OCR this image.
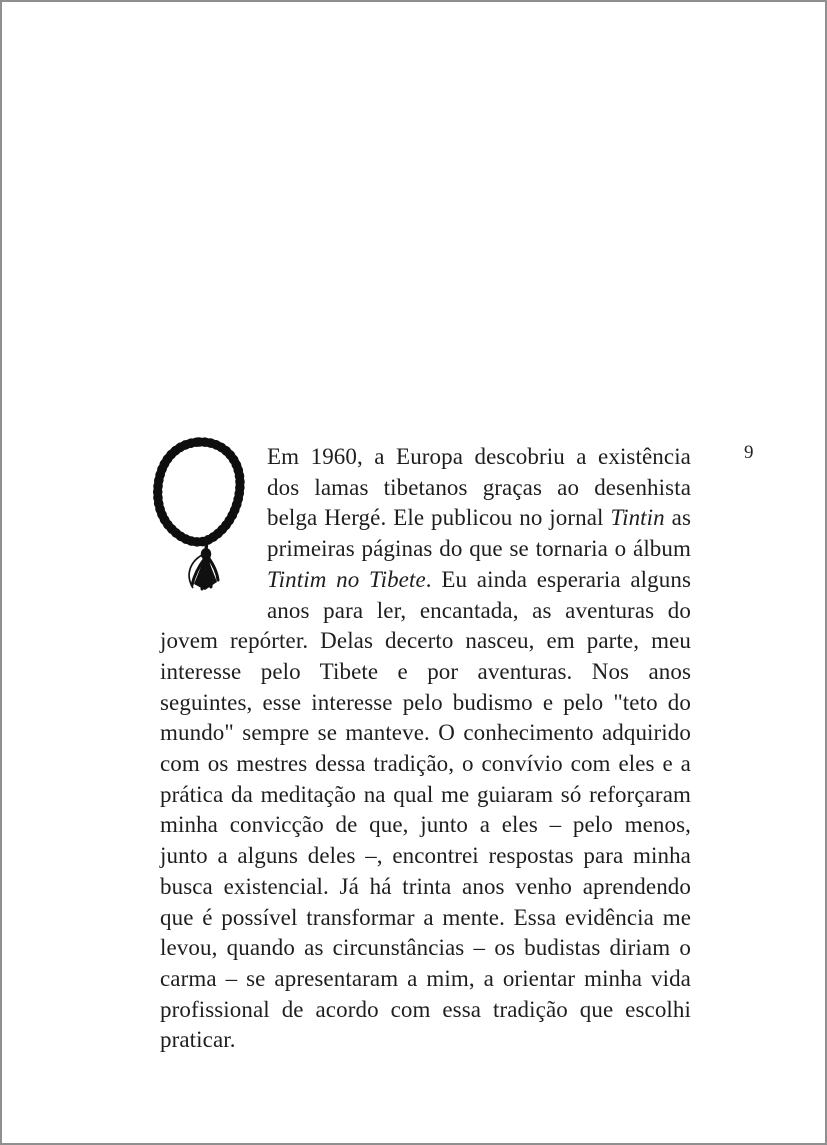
9

Em 1960, a Europa descobriu a existência dos lamas tibetanos graças ao desenhista belga Hergé. Ele publicou no jornal Tintin as primeiras páginas do que se tornaria o álbum Tintim no Tibete. Eu ainda esperaria alguns anos para ler, encantada, as aventuras do jovem repórter. Delas decerto nasceu, em parte, meu interesse pelo Tibete e por aventuras. Nos anos seguintes, esse interesse pelo budismo e pelo "teto do mundo" sempre se manteve. O conhecimento adquirido com os mestres dessa tradição, o convívio com eles e a prática da meditação na qual me guiaram só reforçaram minha convicção de que, junto a eles – pelo menos, junto a alguns deles –, encontrei respostas para minha busca existencial. Já há trinta anos venho aprendendo que é possível transformar a mente. Essa evidência me levou, quando as circunstâncias – os budistas diriam o carma – se apresentaram a mim, a orientar minha vida profissional de acordo com essa tradição que escolhi praticar.
